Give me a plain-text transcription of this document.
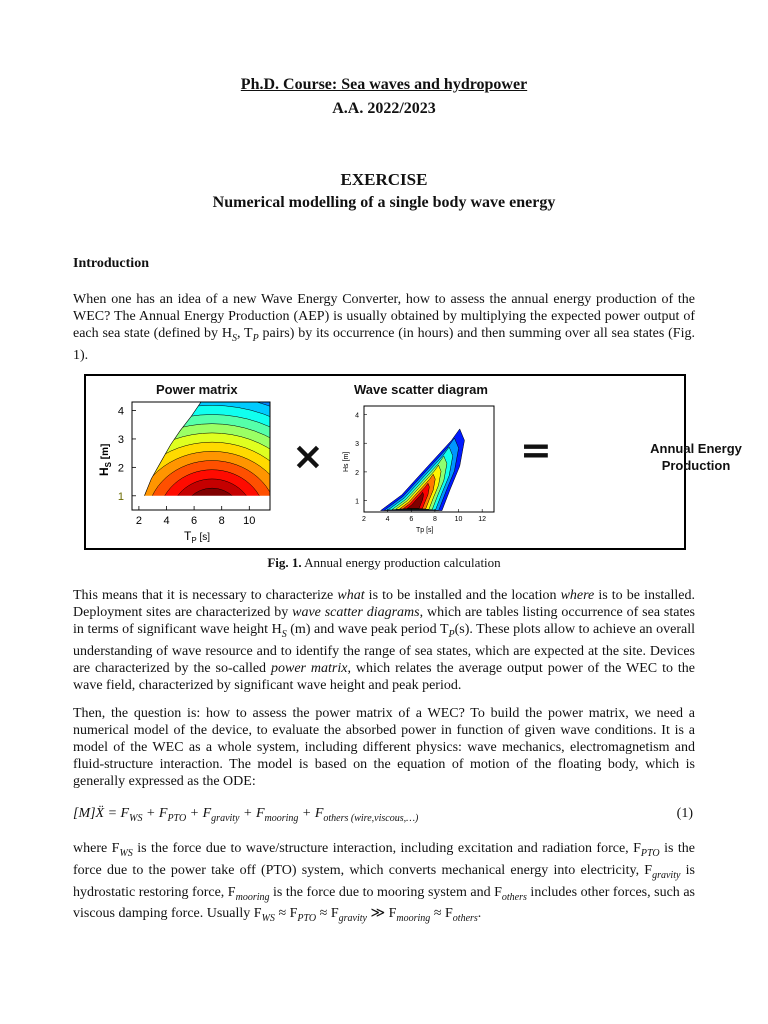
Ph.D. Course: Sea waves and hydropower
A.A. 2022/2023
EXERCISE
Numerical modelling of a single body wave energy
Introduction

When one has an idea of a new Wave Energy Converter, how to assess the annual energy production of the WEC? The Annual Energy Production (AEP) is usually obtained by multiplying the expected power output of each sea state (defined by $H_S$, $T_P$ pairs) by its occurrence (in hours) and then summing over all sea states (Fig. 1).

Power matrix	Wave scatter diagram
2 4 6 8 10
1
2
3
4
$T_P$ [s]
$H_S$ [m]	×
2	4	6	8	10 12
1
2
3
4
Tp [s]
Hs [m]	=	Annual Energy
Production
Fig. 1. Annual energy production calculation

This means that it is necessary to characterize what is to be installed and the location where is to be installed. Deployment sites are characterized by wave scatter diagrams, which are tables listing occurrence of sea states in terms of significant wave height $H_S$ (m) and wave peak period $T_P(s)$. These plots allow to achieve an overall understanding of wave resource and to identify the range of sea states, which are expected at the site. Devices are characterized by the so-called power matrix, which relates the average output power of the WEC to the wave field, characterized by significant wave height and peak period.

Then, the question is: how to assess the power matrix of a WEC? To build the power matrix, we need a numerical model of the device, to evaluate the absorbed power in function of given wave conditions. It is a model of the WEC as a whole system, including different physics: wave mechanics, electromagnetism and fluid-structure interaction. The model is based on the equation of motion of the floating body, which is generally expressed as the ODE:

[M]Ẍ = $F_{WS} + F_{PTO} + F_{gravity} + F_{mooring} + F_{others (wire,viscous,\dots)}$	(1)

where $F_{WS}$ is the force due to wave/structure interaction, including excitation and radiation force, $F_{PTO}$ is the force due to the power take off (PTO) system, which converts mechanical energy into electricity, $F_{gravity}$ is hydrostatic restoring force, $F_{mooring}$ is the force due to mooring system and $F_{others}$ includes other forces, such as viscous damping force. Usually $F_{WS} \approx F_{PTO} \approx F_{gravity}$ ≫ $F_{mooring} \approx F_{others}$.
